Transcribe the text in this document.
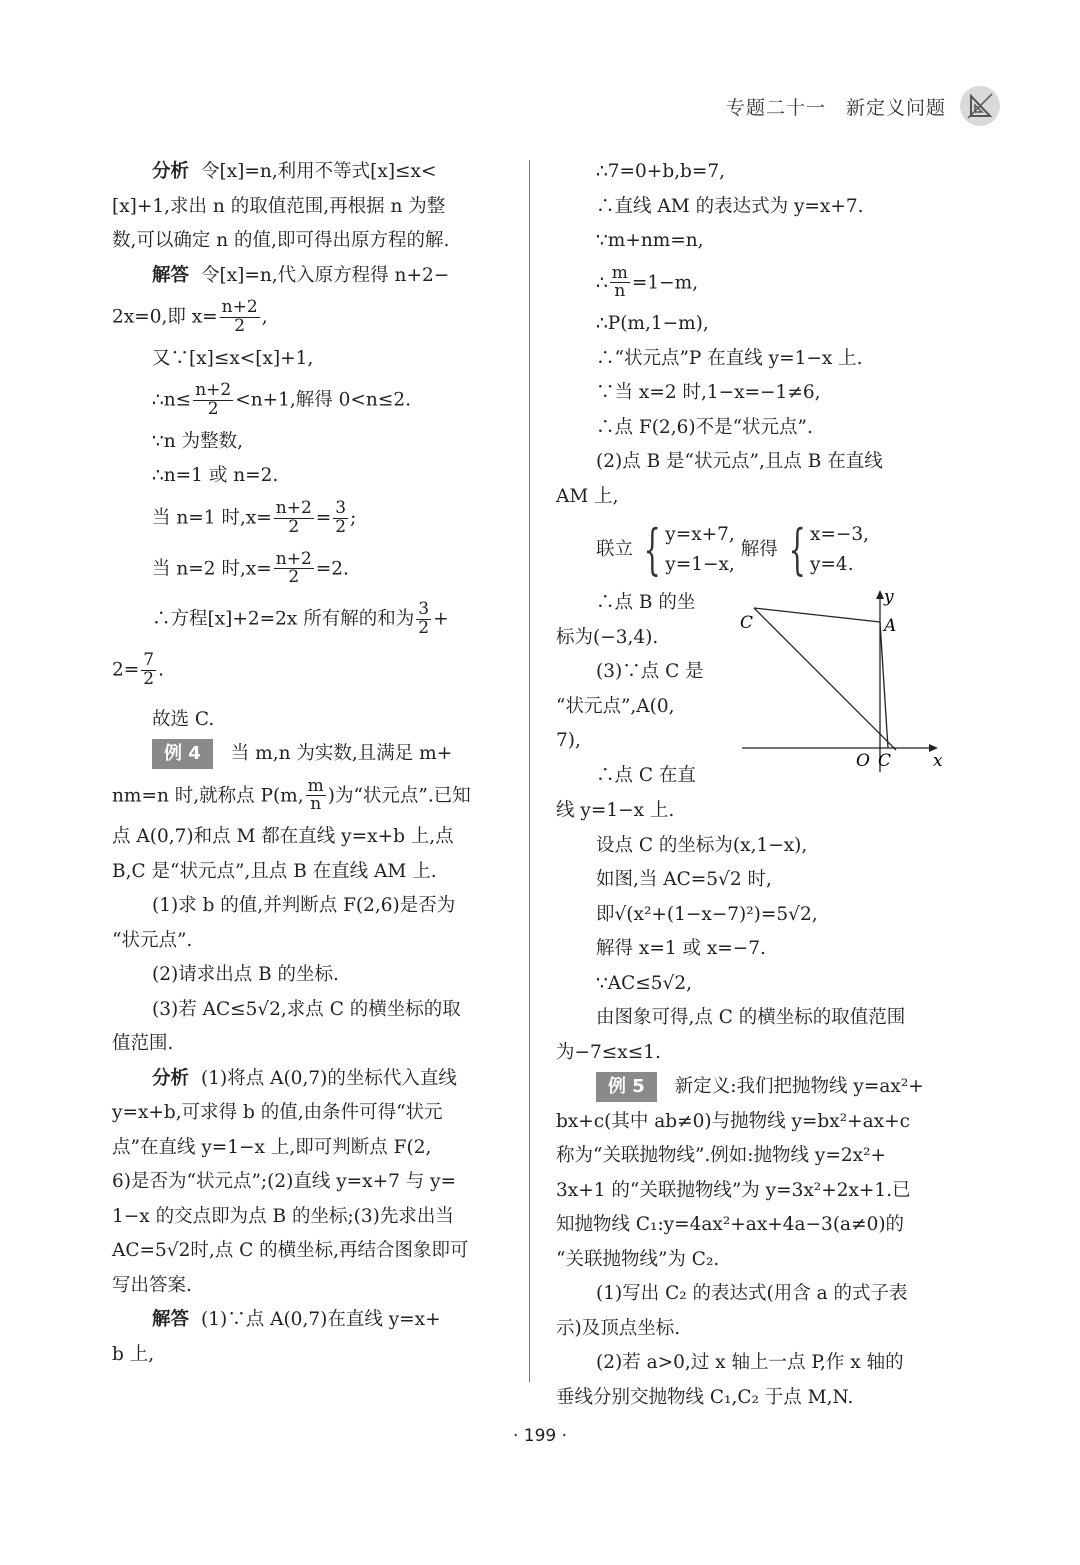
专题二十一　新定义问题
分析 令[x]=n,利用不等式[x]≤x<
[x]+1,求出 n 的取值范围,再根据 n 为整
数,可以确定 n 的值,即可得出原方程的解.
解答 令[x]=n,代入原方程得 n+2−
2x=0,即 $x= \frac{n+2}{2}$ ,
又∵[x]≤x<[x]+1,
∴n≤ $\frac{n+2}{2} <n+1$,解得 0<n≤2.
∵n 为整数,
∴n=1 或 n=2.
当 n=1 时$,x= \frac{n+2}{2} = \frac{3}{2}$ ;
当 n=2 时$,x= \frac{n+2}{2} =2$.
∴方程[x]+2=2x 所有解的和为 $\frac{3}{2}$ +
$2= \frac{7}{2}$ .
故选 C.
例 4 当 m,n 为实数,且满足 m+
nm=n 时,就称点 P(m, $\frac{m}{n}$ )为“状元点”.已知
点 A(0,7)和点 M 都在直线 y=x+b 上,点
B,C 是“状元点”,且点 B 在直线 AM 上.
(1)求 b 的值,并判断点 F(2,6)是否为
“状元点”.
(2)请求出点 B 的坐标.
(3)若 AC≤5√2,求点 C 的横坐标的取
值范围.
分析 (1)将点 A(0,7)的坐标代入直线
y=x+b,可求得 b 的值,由条件可得“状元
点”在直线 y=1−x 上,即可判断点 F(2,
6)是否为“状元点”;(2)直线 y=x+7 与 y=
1−x 的交点即为点 B 的坐标;(3)先求出当
AC=5√2时,点 C 的横坐标,再结合图象即可
写出答案.
解答 (1)∵点 A(0,7)在直线 y=x+
b 上,
∴7=0+b,b=7,
∴直线 AM 的表达式为 y=x+7.
∵m+nm=n,
∴ $\frac{m}{n} =1-m$,
∴P(m,1−m),
∴“状元点”P 在直线 y=1−x 上.
∵当 x=2 时,1−x=−1≠6,
∴点 F(2,6)不是“状元点”.
(2)点 B 是“状元点”,且点 B 在直线
AM 上,
联立 { y=x+7,
y=1−x,
解得 { x=−3,
y=4.
∴点 B 的坐
标为(−3,4).
(3)∵点 C 是
“状元点”,A(0,
7),
∴点 C 在直
y
x
O
A
C
C
线 y=1−x 上.
设点 C 的坐标为(x,1−x),
如图,当 AC=5√2 时,
即√(x²+(1−x−7)²)=5√2,
解得 x=1 或 x=−7.
∵AC≤5√2,
由图象可得,点 C 的横坐标的取值范围
为−7≤x≤1.
例 5 新定义:我们把抛物线 y=ax²+
bx+c(其中 ab≠0)与抛物线 y=bx²+ax+c
称为“关联抛物线”.例如:抛物线 y=2x²+
3x+1 的“关联抛物线”为 y=3x²+2x+1.已
知抛物线 C₁:y=4ax²+ax+4a−3(a≠0)的
“关联抛物线”为 C₂.
(1)写出 C₂ 的表达式(用含 a 的式子表
示)及顶点坐标.
(2)若 a>0,过 x 轴上一点 P,作 x 轴的
垂线分别交抛物线 C₁,C₂ 于点 M,N.
· 199 ·
